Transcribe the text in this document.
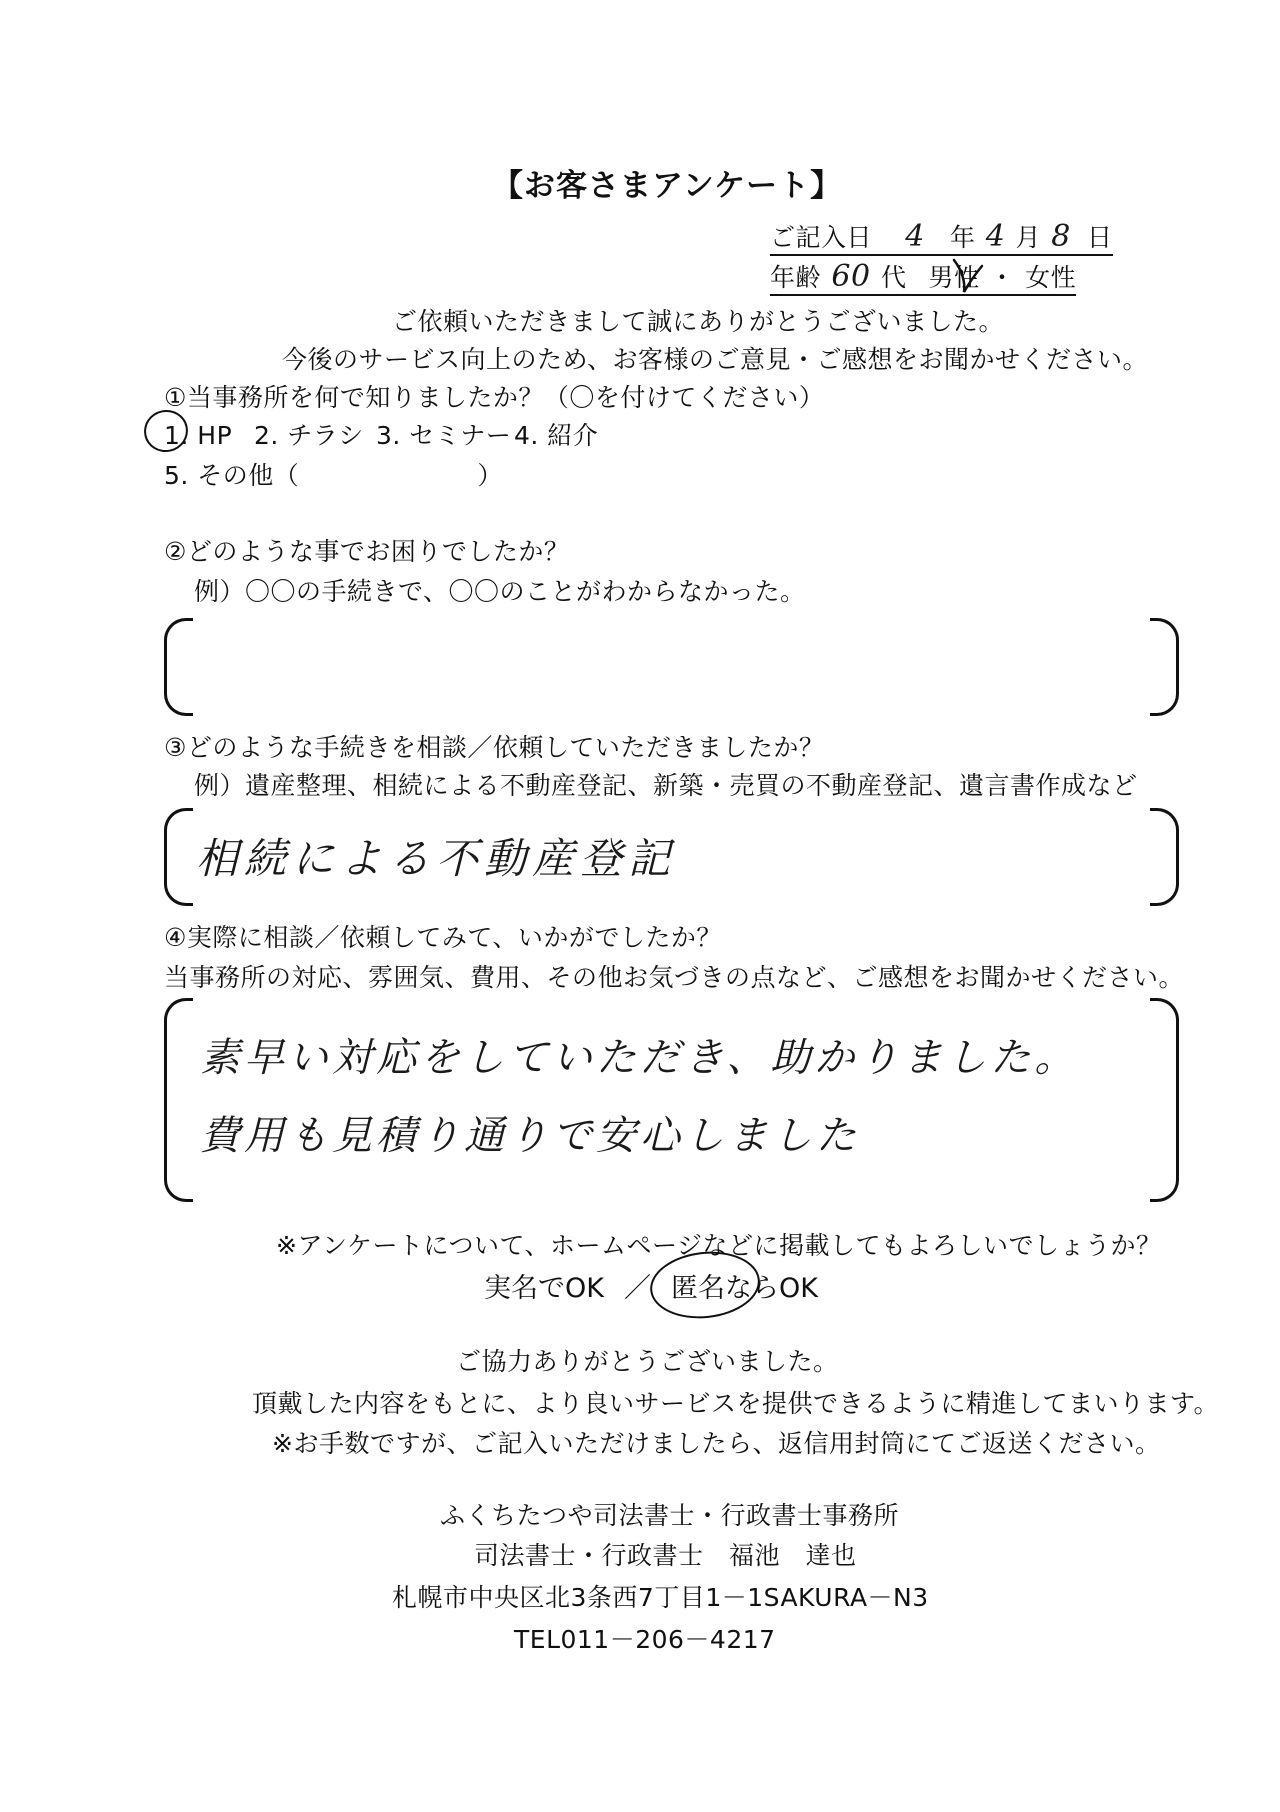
【お客さまアンケート】
ご記入日 4 年 4 月 8 日
年齢 60 代 男性 ・ 女性
ご依頼いただきまして誠にありがとうございました。
今後のサービス向上のため、お客様のご意見・ご感想をお聞かせください。
①当事務所を何で知りましたか？（〇を付けてください）
1. HP 2. チラシ 3. セミナー 4. 紹介
5. その他（	）
②どのような事でお困りでしたか？
例）〇〇の手続きで、〇〇のことがわからなかった。
③どのような手続きを相談／依頼していただきましたか？
例）遺産整理、相続による不動産登記、新築・売買の不動産登記、遺言書作成など
相続による不動産登記
④実際に相談／依頼してみて、いかがでしたか？
当事務所の対応、雰囲気、費用、その他お気づきの点など、ご感想をお聞かせください。
素早い対応をしていただき、助かりました。
費用も見積り通りで安心しました
※アンケートについて、ホームページなどに掲載してもよろしいでしょうか？
実名でOK ／ 匿名ならOK
ご協力ありがとうございました。
頂戴した内容をもとに、より良いサービスを提供できるように精進してまいります。
※お手数ですが、ご記入いただけましたら、返信用封筒にてご返送ください。
ふくちたつや司法書士・行政書士事務所
司法書士・行政書士　福池　達也
札幌市中央区北3条西7丁目1－1SAKURA－N3
TEL011－206－4217
